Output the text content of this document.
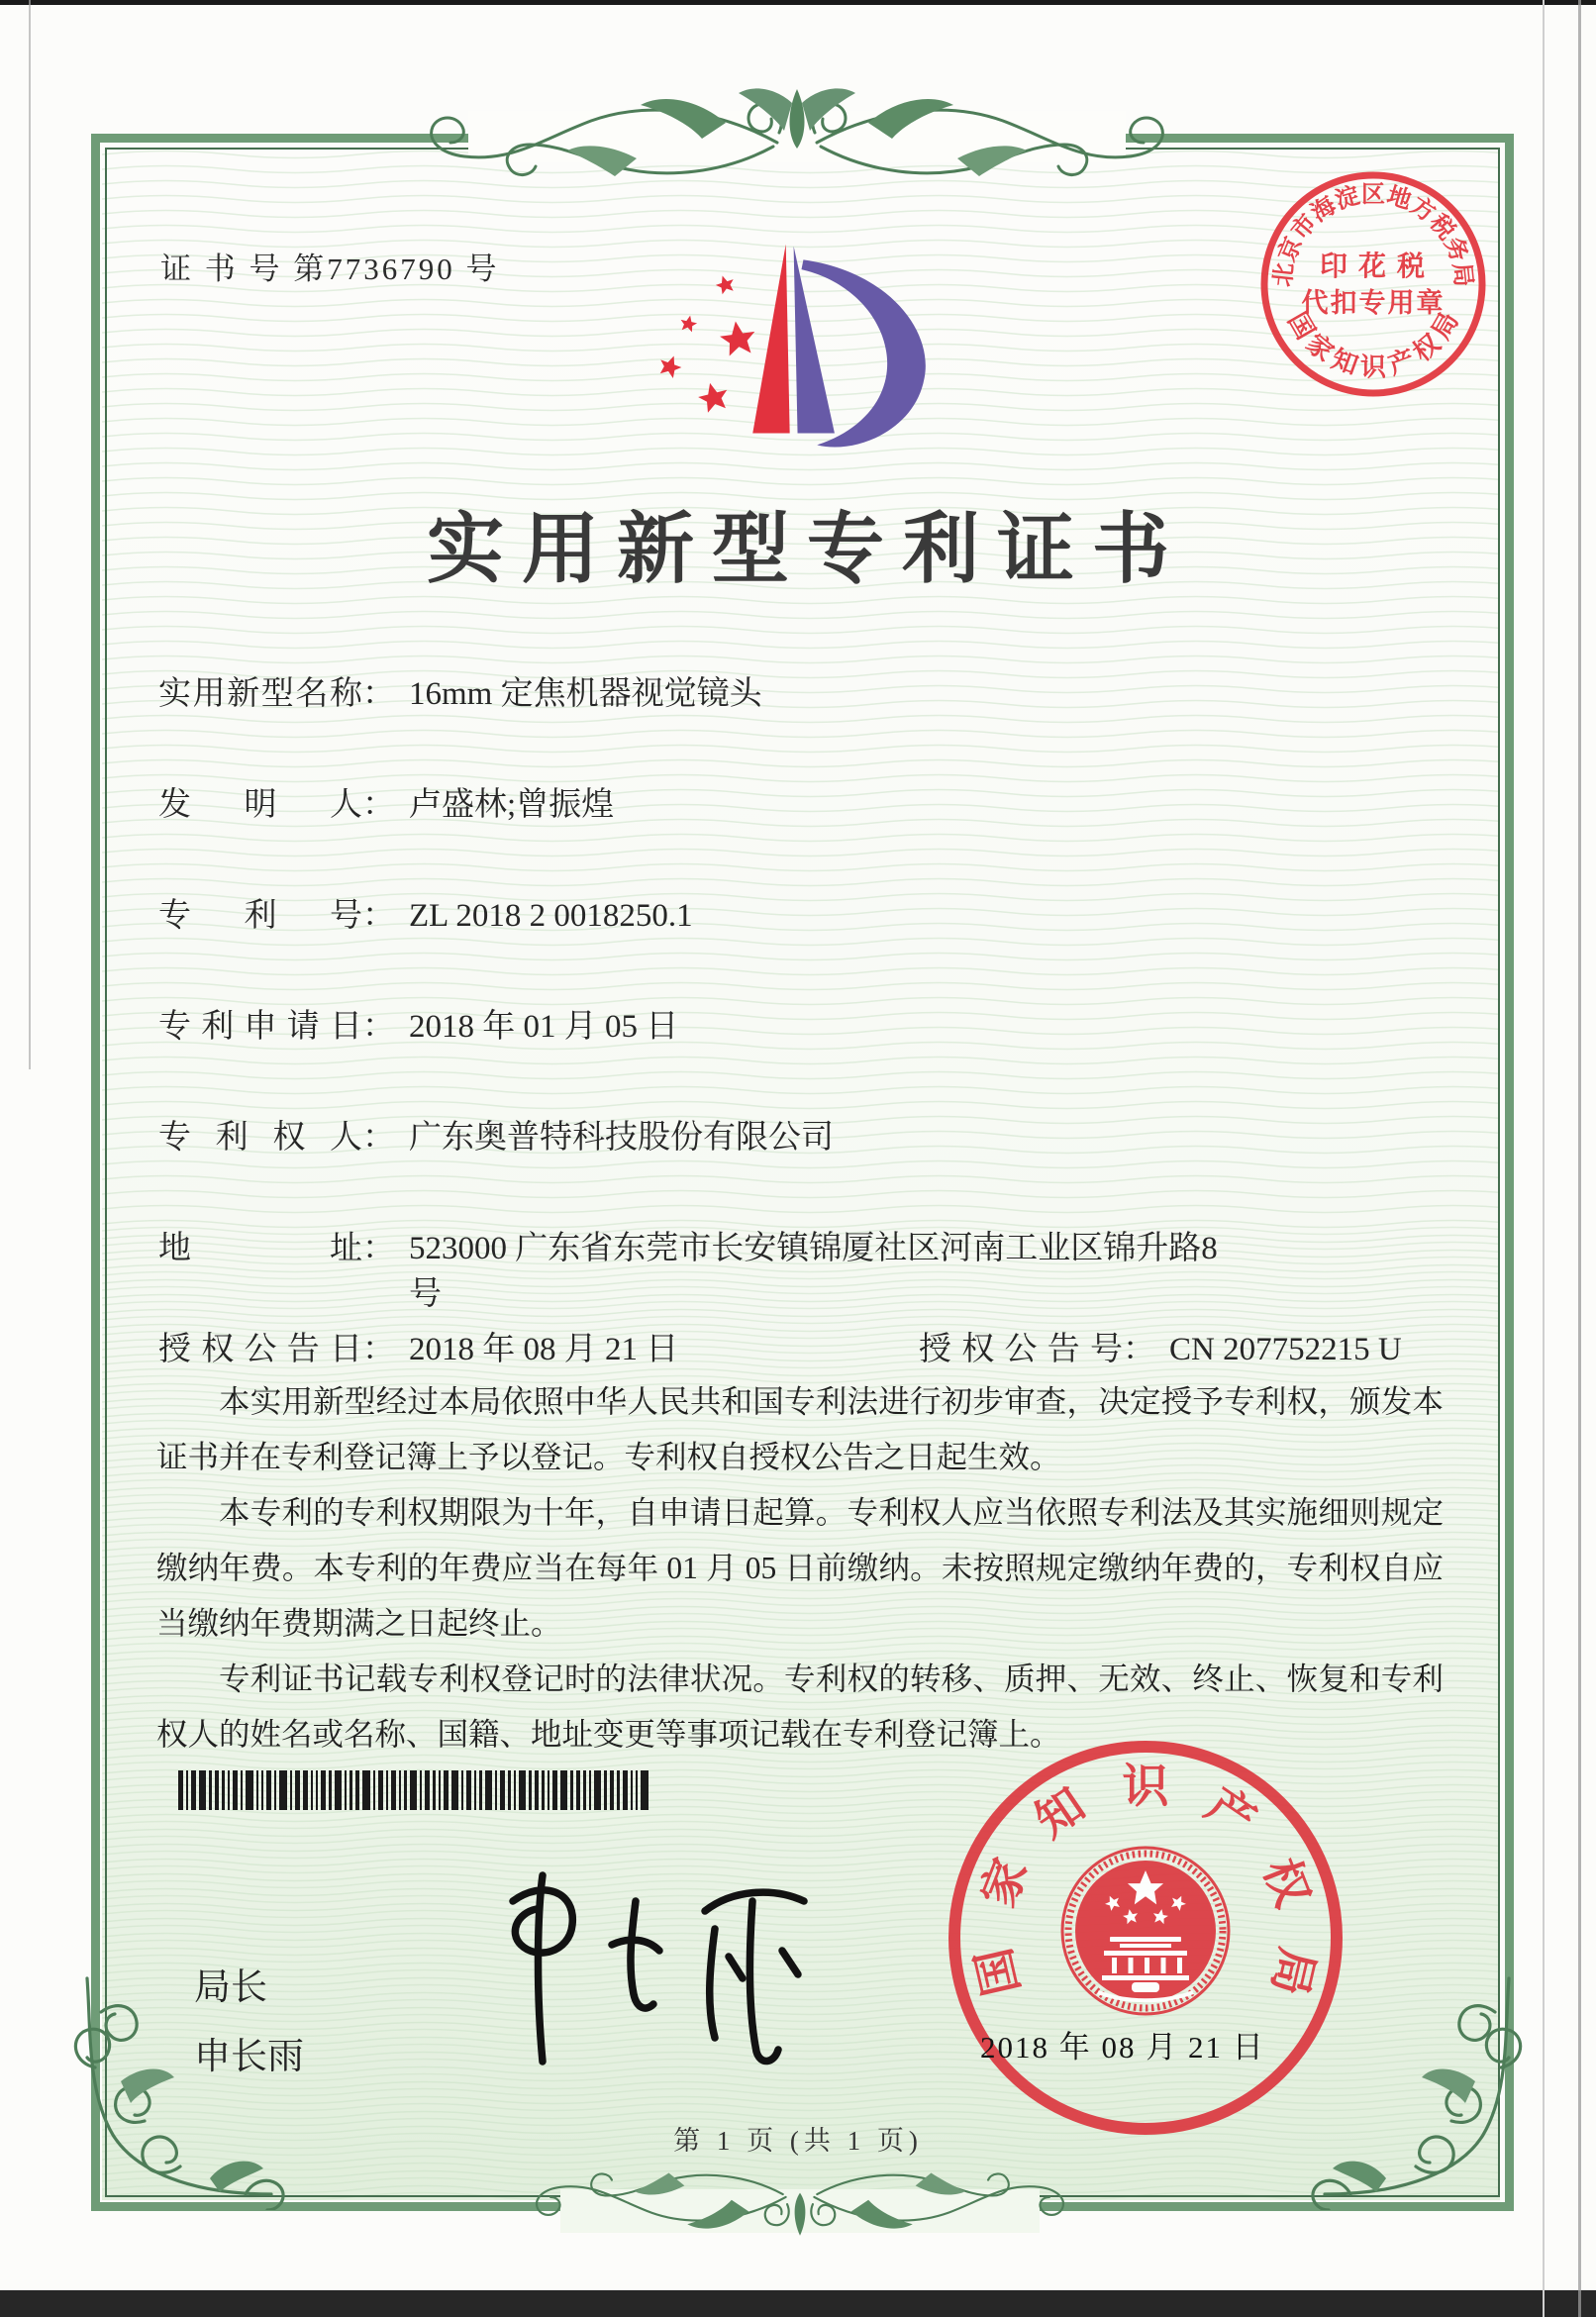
证 书 号 第7736790 号	北
京
市
海
淀
区
地
方
税
务
局
国
家
知
识
产
权
局
印 花 税
代扣专用章
实用新型专利证书
实用新型名称： 16mm 定焦机器视觉镜头
发明人： 卢盛林;曾振煌
专利号： ZL 2018 2 0018250.1
专利申请日： 2018 年 01 月 05 日
专利权人： 广东奥普特科技股份有限公司
地址： 523000 广东省东莞市长安镇锦厦社区河南工业区锦升路8
号
授权公告日： 2018 年 08 月 21 日	授权公告号： CN 207752215 U

本实用新型经过本局依照中华人民共和国专利法进行初步审查，决定授予专利权，颁发本证书并在专利登记簿上予以登记。专利权自授权公告之日起生效。

本专利的专利权期限为十年，自申请日起算。专利权人应当依照专利法及其实施细则规定缴纳年费。本专利的年费应当在每年 01 月 05 日前缴纳。未按照规定缴纳年费的，专利权自应当缴纳年费期满之日起终止。

专利证书记载专利权登记时的法律状况。专利权的转移、质押、无效、终止、恢复和专利权人的姓名或名称、国籍、地址变更等事项记载在专利登记簿上。

局长
申长雨
国
家
知 识 产
权
局
2018 年 08 月 21 日
第 1 页 (共 1 页)
